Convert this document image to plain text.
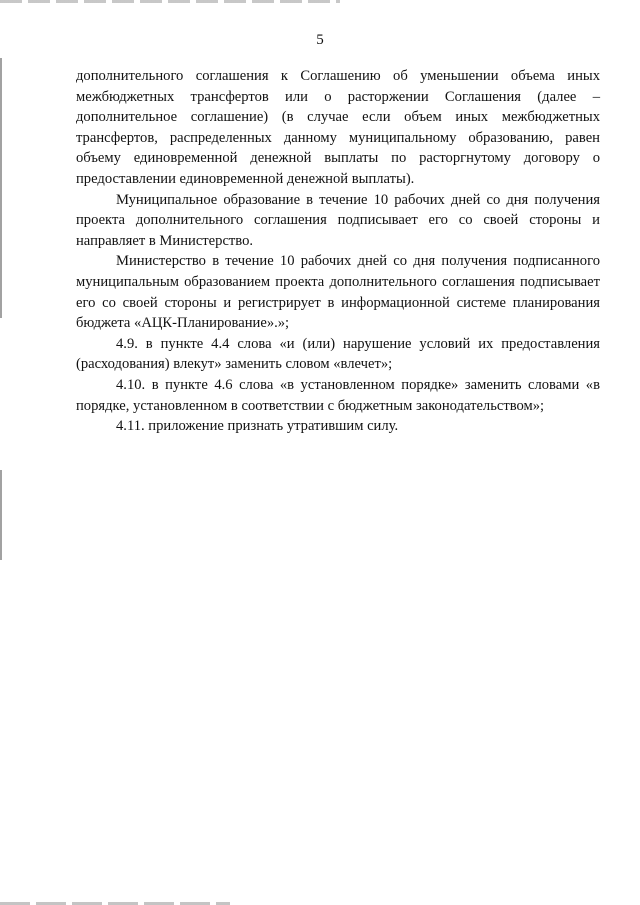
5

дополнительного соглашения к Соглашению об уменьшении объема иных межбюджетных трансфертов или о расторжении Соглашения (далее – дополнительное соглашение) (в случае если объем иных межбюджетных трансфертов, распределенных данному муниципальному образованию, равен объему единовременной денежной выплаты по расторгнутому договору о предоставлении единовременной денежной выплаты).

Муниципальное образование в течение 10 рабочих дней со дня получения проекта дополнительного соглашения подписывает его со своей стороны и направляет в Министерство.

Министерство в течение 10 рабочих дней со дня получения подписанного муниципальным образованием проекта дополнительного соглашения подписывает его со своей стороны и регистрирует в информационной системе планирования бюджета «АЦК-Планирование».»;

4.9. в пункте 4.4 слова «и (или) нарушение условий их предоставления (расходования) влекут» заменить словом «влечет»;

4.10. в пункте 4.6 слова «в установленном порядке» заменить словами «в порядке, установленном в соответствии с бюджетным законодательством»;

4.11. приложение признать утратившим силу.
